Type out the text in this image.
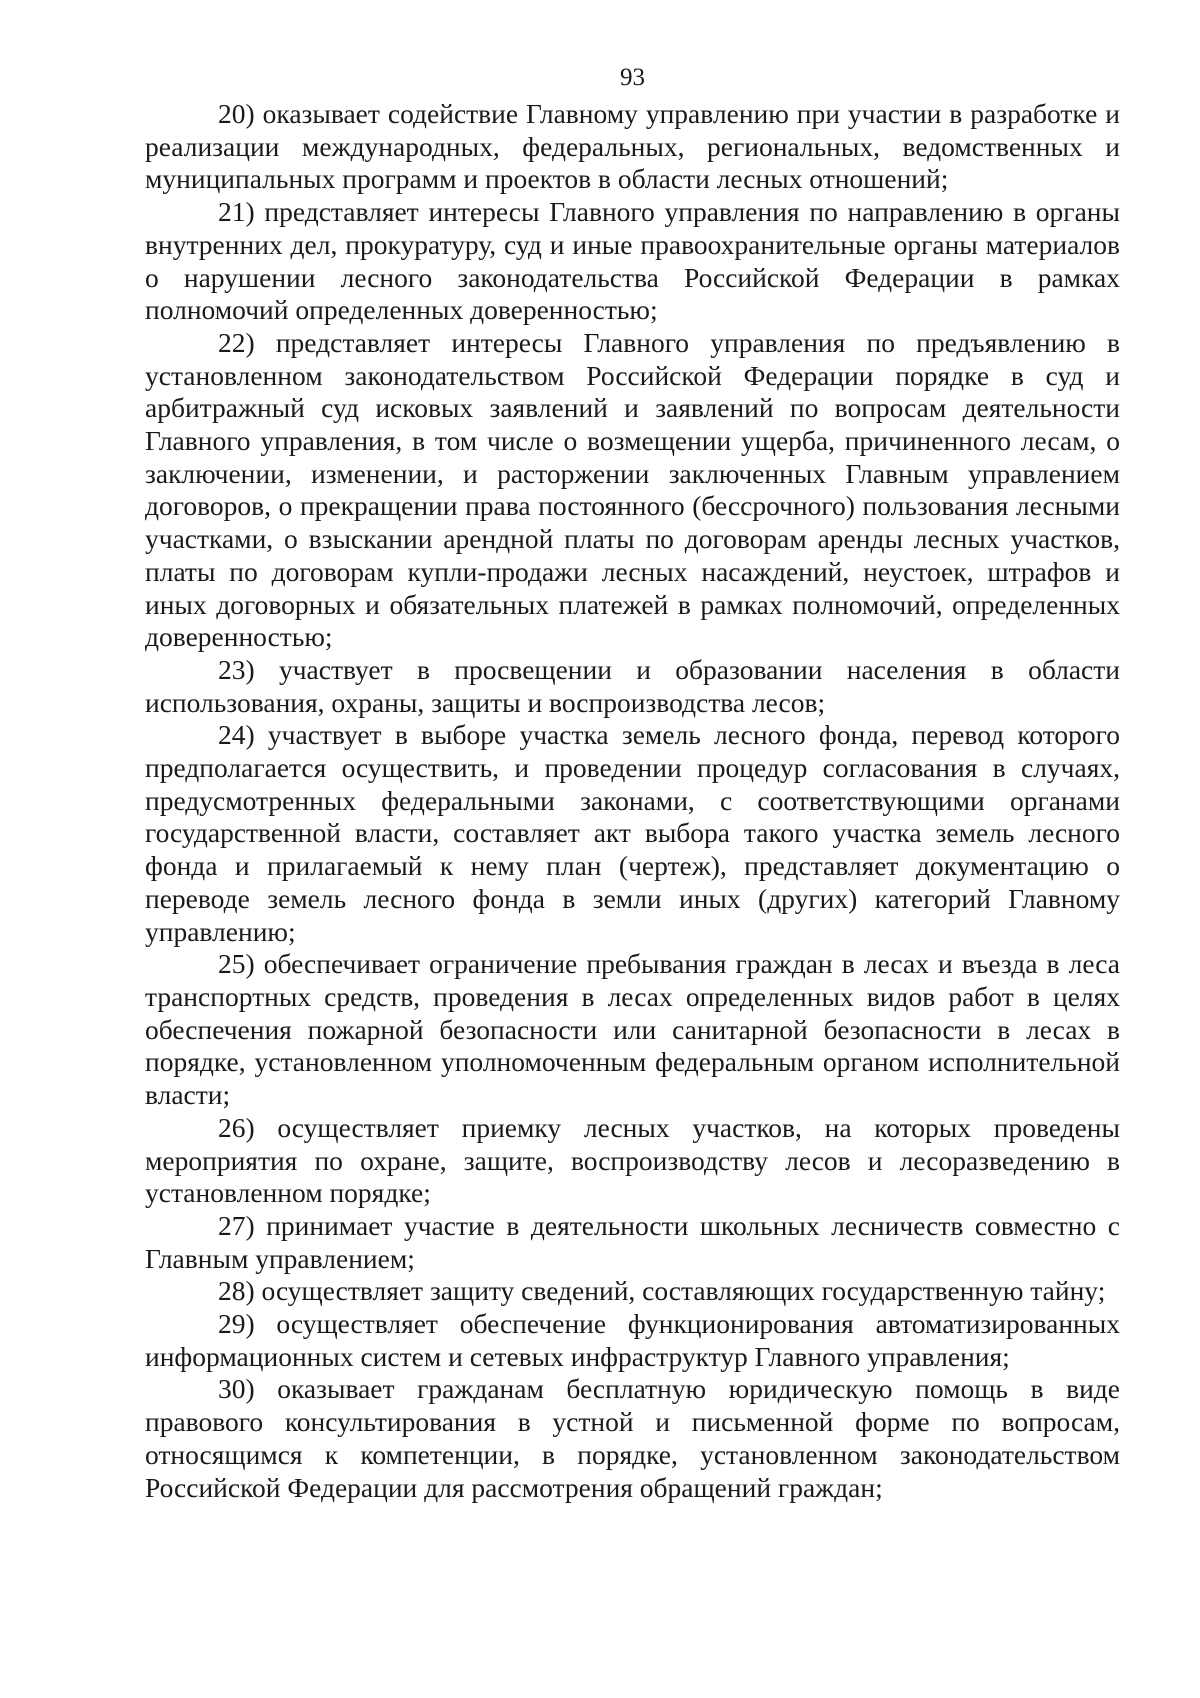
93

20) оказывает содействие Главному управлению при участии в разработке и реализации международных, федеральных, региональных, ведомственных и муниципальных программ и проектов в области лесных отношений;

21) представляет интересы Главного управления по направлению в органы внутренних дел, прокуратуру, суд и иные правоохранительные органы материалов о нарушении лесного законодательства Российской Федерации в рамках полномочий определенных доверенностью;

22) представляет интересы Главного управления по предъявлению в установленном законодательством Российской Федерации порядке в суд и арбитражный суд исковых заявлений и заявлений по вопросам деятельности Главного управления, в том числе о возмещении ущерба, причиненного лесам, о заключении, изменении, и расторжении заключенных Главным управлением договоров, о прекращении права постоянного (бессрочного) пользования лесными участками, о взыскании арендной платы по договорам аренды лесных участков, платы по договорам купли-продажи лесных насаждений, неустоек, штрафов и иных договорных и обязательных платежей в рамках полномочий, определенных доверенностью;

23) участвует в просвещении и образовании населения в области использования, охраны, защиты и воспроизводства лесов;

24) участвует в выборе участка земель лесного фонда, перевод которого предполагается осуществить, и проведении процедур согласования в случаях, предусмотренных федеральными законами, с соответствующими органами государственной власти, составляет акт выбора такого участка земель лесного фонда и прилагаемый к нему план (чертеж), представляет документацию о переводе земель лесного фонда в земли иных (других) категорий Главному управлению;

25) обеспечивает ограничение пребывания граждан в лесах и въезда в леса транспортных средств, проведения в лесах определенных видов работ в целях обеспечения пожарной безопасности или санитарной безопасности в лесах в порядке, установленном уполномоченным федеральным органом исполнительной власти;

26) осуществляет приемку лесных участков, на которых проведены мероприятия по охране, защите, воспроизводству лесов и лесоразведению в установленном порядке;

27) принимает участие в деятельности школьных лесничеств совместно с Главным управлением;

28) осуществляет защиту сведений, составляющих государственную тайну;

29) осуществляет обеспечение функционирования автоматизированных информационных систем и сетевых инфраструктур Главного управления;

30) оказывает гражданам бесплатную юридическую помощь в виде правового консультирования в устной и письменной форме по вопросам, относящимся к компетенции, в порядке, установленном законодательством Российской Федерации для рассмотрения обращений граждан;
